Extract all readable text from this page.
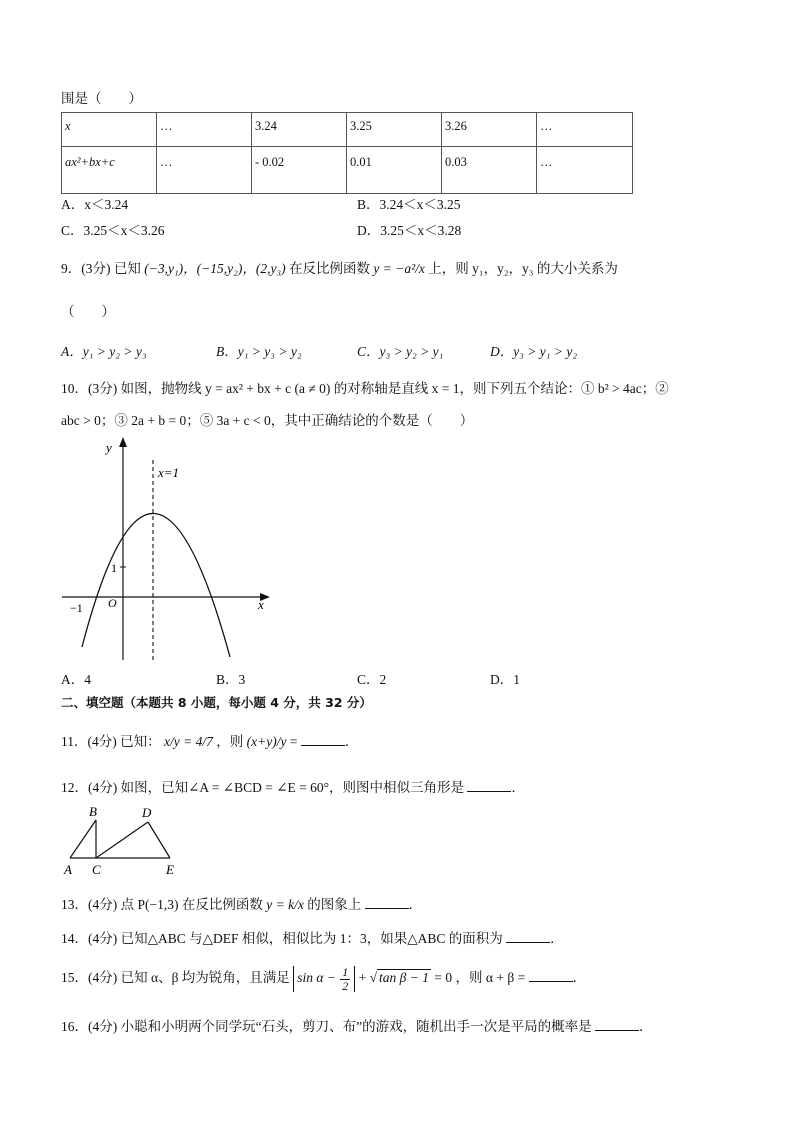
围是（　　）
x	…	3.24	3.25	3.26	…
ax²+bx+c	…	- 0.02	0.01	0.03	…
A．x＜3.24	B．3.24＜x＜3.25
C．3.25＜x＜3.26	D．3.25＜x＜3.28
9．(3分) 已知 (−3,y₁)，(−15,y₂)，(2,y₃) 在反比例函数 y = −a²/x 上，则 y₁，y₂，y₃ 的大小关系为
（　　）
A．y₁ > y₂ > y₃	B．y₁ > y₃ > y₂	C．y₃ > y₂ > y₁	D．y₃ > y₁ > y₂
10．(3分) 如图，抛物线 y = ax² + bx + c (a ≠ 0) 的对称轴是直线 x = 1，则下列五个结论：① b² > 4ac；②
abc > 0；③ 2a + b = 0；⑤ 3a + c < 0，其中正确结论的个数是（　　）
y
x
x=1
1
−1 O
A．4	B．3	C．2	D．1
二、填空题（本题共 8 小题，每小题 4 分，共 32 分）
11．(4分) 已知： x/y = 4/7 ，则 (x+y)/y =	．
12．(4分) 如图，已知∠A = ∠BCD = ∠E = 60°，则图中相似三角形是	．
A
B
C
D
E
13．(4分) 点 P(−1,3) 在反比例函数 y = k/x 的图象上	．
14．(4分) 已知△ABC 与△DEF 相似，相似比为 1：3，如果△ABC 的面积为	．
15．(4分) 已知 α、β 均为锐角，且满足 $\sin \alpha - \frac{1}{2}$ + √ tan β − 1 = 0 ，则 α + β =	．
16．(4分) 小聪和小明两个同学玩“石头，剪刀、布”的游戏，随机出手一次是平局的概率是	．
